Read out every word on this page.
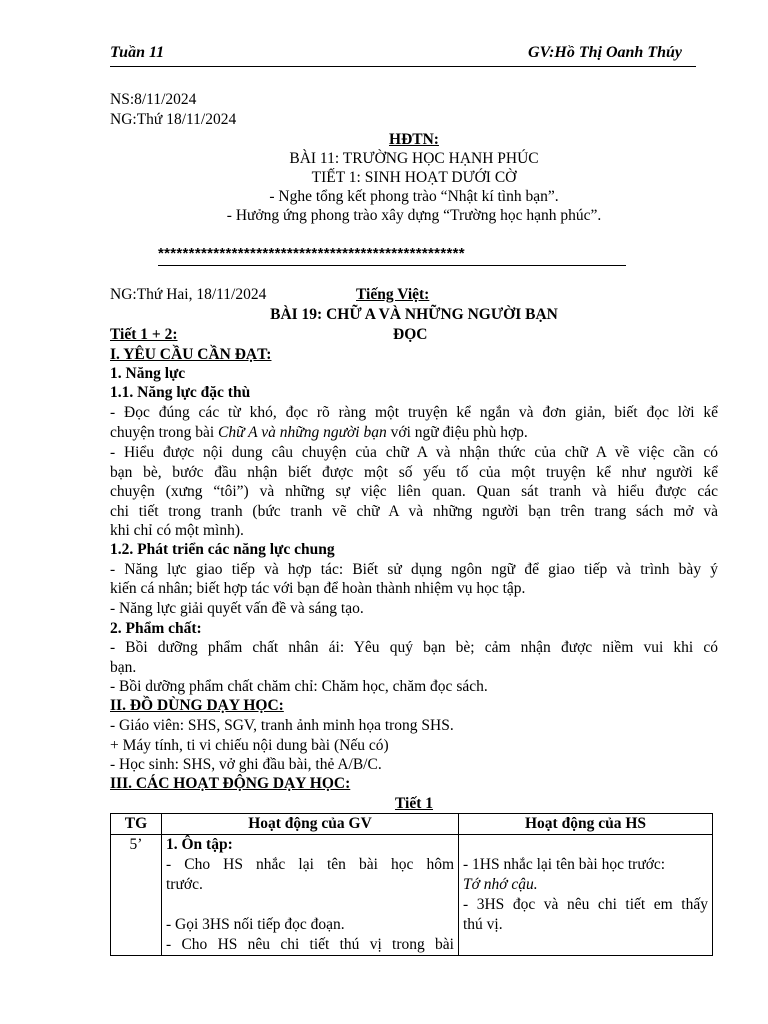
Tuần 11	GV:Hồ Thị Oanh Thúy
NS:8/11/2024
NG:Thứ 18/11/2024
HĐTN:
BÀI 11: TRƯỜNG HỌC HẠNH PHÚC
TIẾT 1: SINH HOẠT DƯỚI CỜ
- Nghe tổng kết phong trào “Nhật kí tình bạn”.
- Hưởng ứng phong trào xây dựng “Trường học hạnh phúc”.
**************************************************
NG:Thứ Hai, 18/11/2024	Tiếng Việt:
BÀI 19: CHỮ A VÀ NHỮNG NGƯỜI BẠN
Tiết 1 + 2:	ĐỌC
I. YÊU CẦU CẦN ĐẠT:
1. Năng lực
1.1. Năng lực đặc thù
- Đọc đúng các từ khó, đọc rõ ràng một truyện kể ngắn và đơn giản, biết đọc lời kể
chuyện trong bài Chữ A và những người bạn với ngữ điệu phù hợp.
- Hiểu được nội dung câu chuyện của chữ A và nhận thức của chữ A về việc cần có
bạn bè, bước đầu nhận biết được một số yếu tố của một truyện kể như người kể
chuyện (xưng “tôi”) và những sự việc liên quan. Quan sát tranh và hiểu được các
chi tiết trong tranh (bức tranh vẽ chữ A và những người bạn trên trang sách mở và
khi chỉ có một mình).
1.2. Phát triển các năng lực chung
- Năng lực giao tiếp và hợp tác: Biết sử dụng ngôn ngữ để giao tiếp và trình bày ý
kiến cá nhân; biết hợp tác với bạn để hoàn thành nhiệm vụ học tập.
- Năng lực giải quyết vấn đề và sáng tạo.
2. Phẩm chất:
- Bồi dưỡng phẩm chất nhân ái: Yêu quý bạn bè; cảm nhận được niềm vui khi có
bạn.
- Bồi dưỡng phẩm chất chăm chỉ: Chăm học, chăm đọc sách.
II. ĐỒ DÙNG DẠY HỌC:
- Giáo viên: SHS, SGV, tranh ảnh minh họa trong SHS.
+ Máy tính, ti vi chiếu nội dung bài (Nếu có)
- Học sinh: SHS, vở ghi đầu bài, thẻ A/B/C.
III. CÁC HOẠT ĐỘNG DẠY HỌC:
Tiết 1
TG	Hoạt động của GV	Hoạt động của HS
5’	1. Ôn tập:
- Cho HS nhắc lại tên bài học hôm
trước.

- Gọi 3HS nối tiếp đọc đoạn.
- Cho HS nêu chi tiết thú vị trong bài	- 1HS nhắc lại tên bài học trước:
Tớ nhớ cậu.
- 3HS đọc và nêu chi tiết em thấy
thú vị.
